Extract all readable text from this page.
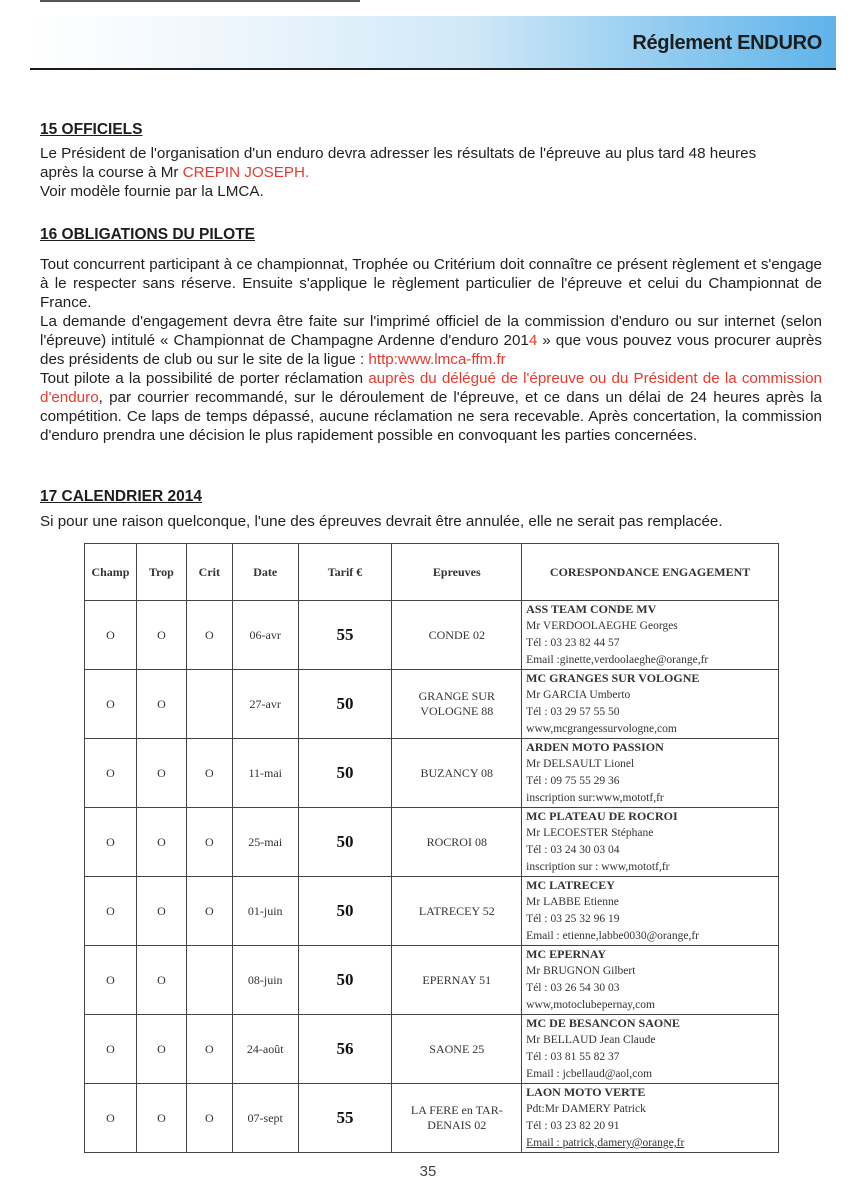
Réglement ENDURO
15 OFFICIELS
Le Président de l'organisation d'un enduro devra adresser les résultats de l'épreuve au plus tard 48 heures
après la course à Mr CREPIN JOSEPH.
Voir modèle fournie par la LMCA.
16 OBLIGATIONS DU PILOTE
Tout concurrent participant à ce championnat, Trophée ou Critérium doit connaître ce présent règlement et s'engage à le respecter sans réserve. Ensuite s'applique le règlement particulier de l'épreuve et celui du Championnat de France.
La demande d'engagement devra être faite sur l'imprimé officiel de la commission d'enduro ou sur internet (selon l'épreuve) intitulé « Championnat de Champagne Ardenne d'enduro 2014 » que vous pouvez vous procurer auprès des présidents de club ou sur le site de la ligue : http:www.lmca-ffm.fr
Tout pilote a la possibilité de porter réclamation auprès du délégué de l'épreuve ou du Président de la commission d'enduro, par courrier recommandé, sur le déroulement de l'épreuve, et ce dans un délai de 24 heures après la compétition. Ce laps de temps dépassé, aucune réclamation ne sera recevable. Après concertation, la commission d'enduro prendra une décision le plus rapidement possible en convoquant les parties concernées.
17 CALENDRIER 2014
Si pour une raison quelconque, l'une des épreuves devrait être annulée, elle ne serait pas remplacée.
Champ	Trop	Crit	Date	Tarif €	Epreuves	CORESPONDANCE ENGAGEMENT
O	O	O	06-avr	55	CONDE 02	ASS TEAM CONDE MV
Mr VERDOOLAEGHE Georges
Tél : 03 23 82 44 57
Email :ginette,verdoolaeghe@orange,fr

O	O		27-avr	50	GRANGE SUR VOLOGNE 88	MC GRANGES SUR VOLOGNE
Mr GARCIA Umberto
Tél : 03 29 57 55 50
www,mcgrangessurvologne,com

O	O	O	11-mai	50	BUZANCY 08	ARDEN MOTO PASSION
Mr DELSAULT Lionel
Tél : 09 75 55 29 36
inscription sur:www,mototf,fr

O	O	O	25-mai	50	ROCROI 08	MC PLATEAU DE ROCROI
Mr LECOESTER Stéphane
Tél : 03 24 30 03 04
inscription sur : www,mototf,fr

O	O	O	01-juin	50	LATRECEY 52	MC LATRECEY
Mr LABBE Etienne
Tél : 03 25 32 96 19
Email : etienne,labbe0030@orange,fr

O	O		08-juin	50	EPERNAY 51	MC EPERNAY
Mr BRUGNON Gilbert
Tél : 03 26 54 30 03
www,motoclubepernay,com

O	O	O	24-août	56	SAONE 25	MC DE BESANCON SAONE
Mr BELLAUD Jean Claude
Tél : 03 81 55 82 37
Email : jcbellaud@aol,com

O	O	O	07-sept	55	LA FERE en TAR-DENAIS 02	LAON MOTO VERTE
Pdt:Mr DAMERY Patrick
Tél : 03 23 82 20 91
Email : patrick,damery@orange,fr
35
